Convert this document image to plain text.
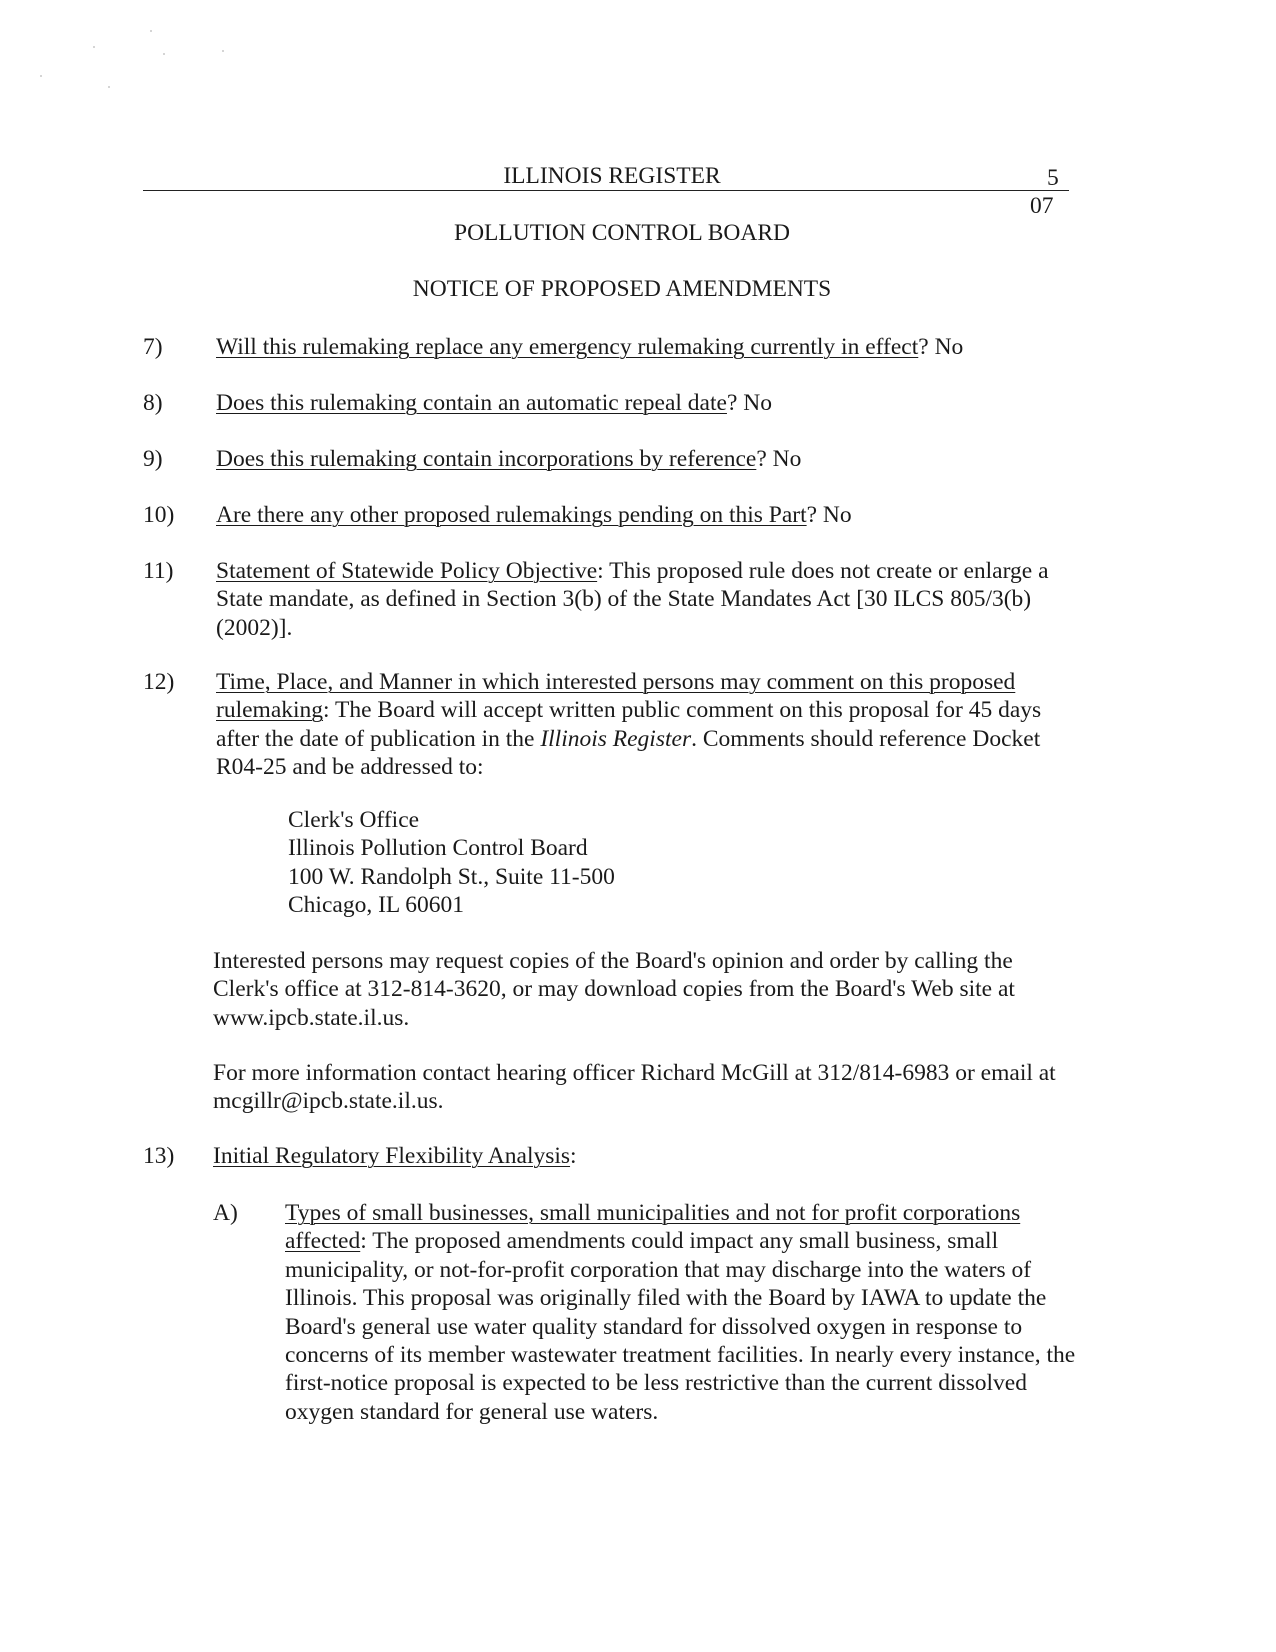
ILLINOIS REGISTER	5
07
POLLUTION CONTROL BOARD
NOTICE OF PROPOSED AMENDMENTS
7) Will this rulemaking replace any emergency rulemaking currently in effect? No
8) Does this rulemaking contain an automatic repeal date? No
9) Does this rulemaking contain incorporations by reference? No
10) Are there any other proposed rulemakings pending on this Part? No
11) Statement of Statewide Policy Objective: This proposed rule does not create or enlarge a State mandate, as defined in Section 3(b) of the State Mandates Act [30 ILCS 805/3(b) (2002)].
12) Time, Place, and Manner in which interested persons may comment on this proposed rulemaking: The Board will accept written public comment on this proposal for 45 days after the date of publication in the Illinois Register. Comments should reference Docket R04-25 and be addressed to:
Clerk's Office
Illinois Pollution Control Board
100 W. Randolph St., Suite 11-500
Chicago, IL 60601
Interested persons may request copies of the Board's opinion and order by calling the Clerk's office at 312-814-3620, or may download copies from the Board's Web site at www.ipcb.state.il.us.
For more information contact hearing officer Richard McGill at 312/814-6983 or email at mcgillr@ipcb.state.il.us.
13) Initial Regulatory Flexibility Analysis:
A) Types of small businesses, small municipalities and not for profit corporations affected: The proposed amendments could impact any small business, small municipality, or not-for-profit corporation that may discharge into the waters of Illinois. This proposal was originally filed with the Board by IAWA to update the Board's general use water quality standard for dissolved oxygen in response to concerns of its member wastewater treatment facilities. In nearly every instance, the first-notice proposal is expected to be less restrictive than the current dissolved oxygen standard for general use waters.
